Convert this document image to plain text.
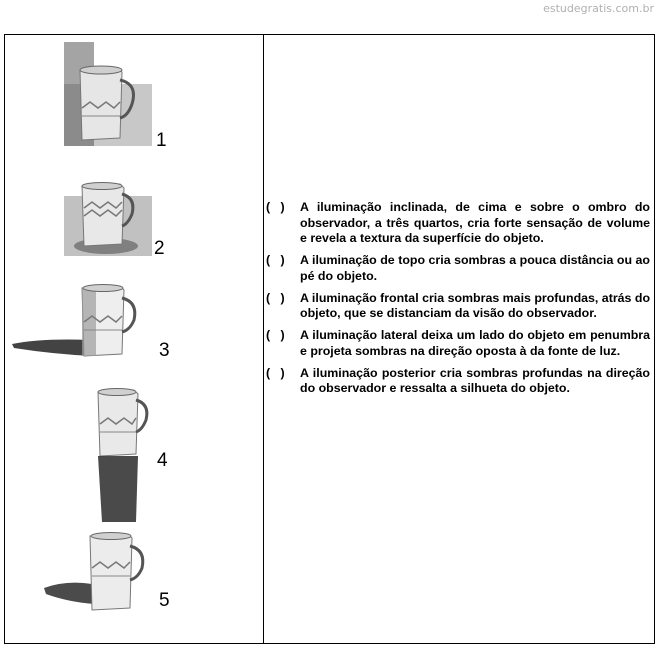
estudegratis.com.br
1
2
3
4
5
(   )	A iluminação inclinada, de cima e sobre o ombro do observador, a três quartos, cria forte sensação de volume e revela a textura da superfície do objeto.
(   )	A iluminação de topo cria sombras a pouca distância ou ao pé do objeto.
(   )	A iluminação frontal cria sombras mais profundas, atrás do objeto, que se distanciam da visão do observador.
(   )	A iluminação lateral deixa um lado do objeto em penumbra e projeta sombras na direção oposta à da fonte de luz.
(   )	A iluminação posterior cria sombras profundas na direção do observador e ressalta a silhueta do objeto.
